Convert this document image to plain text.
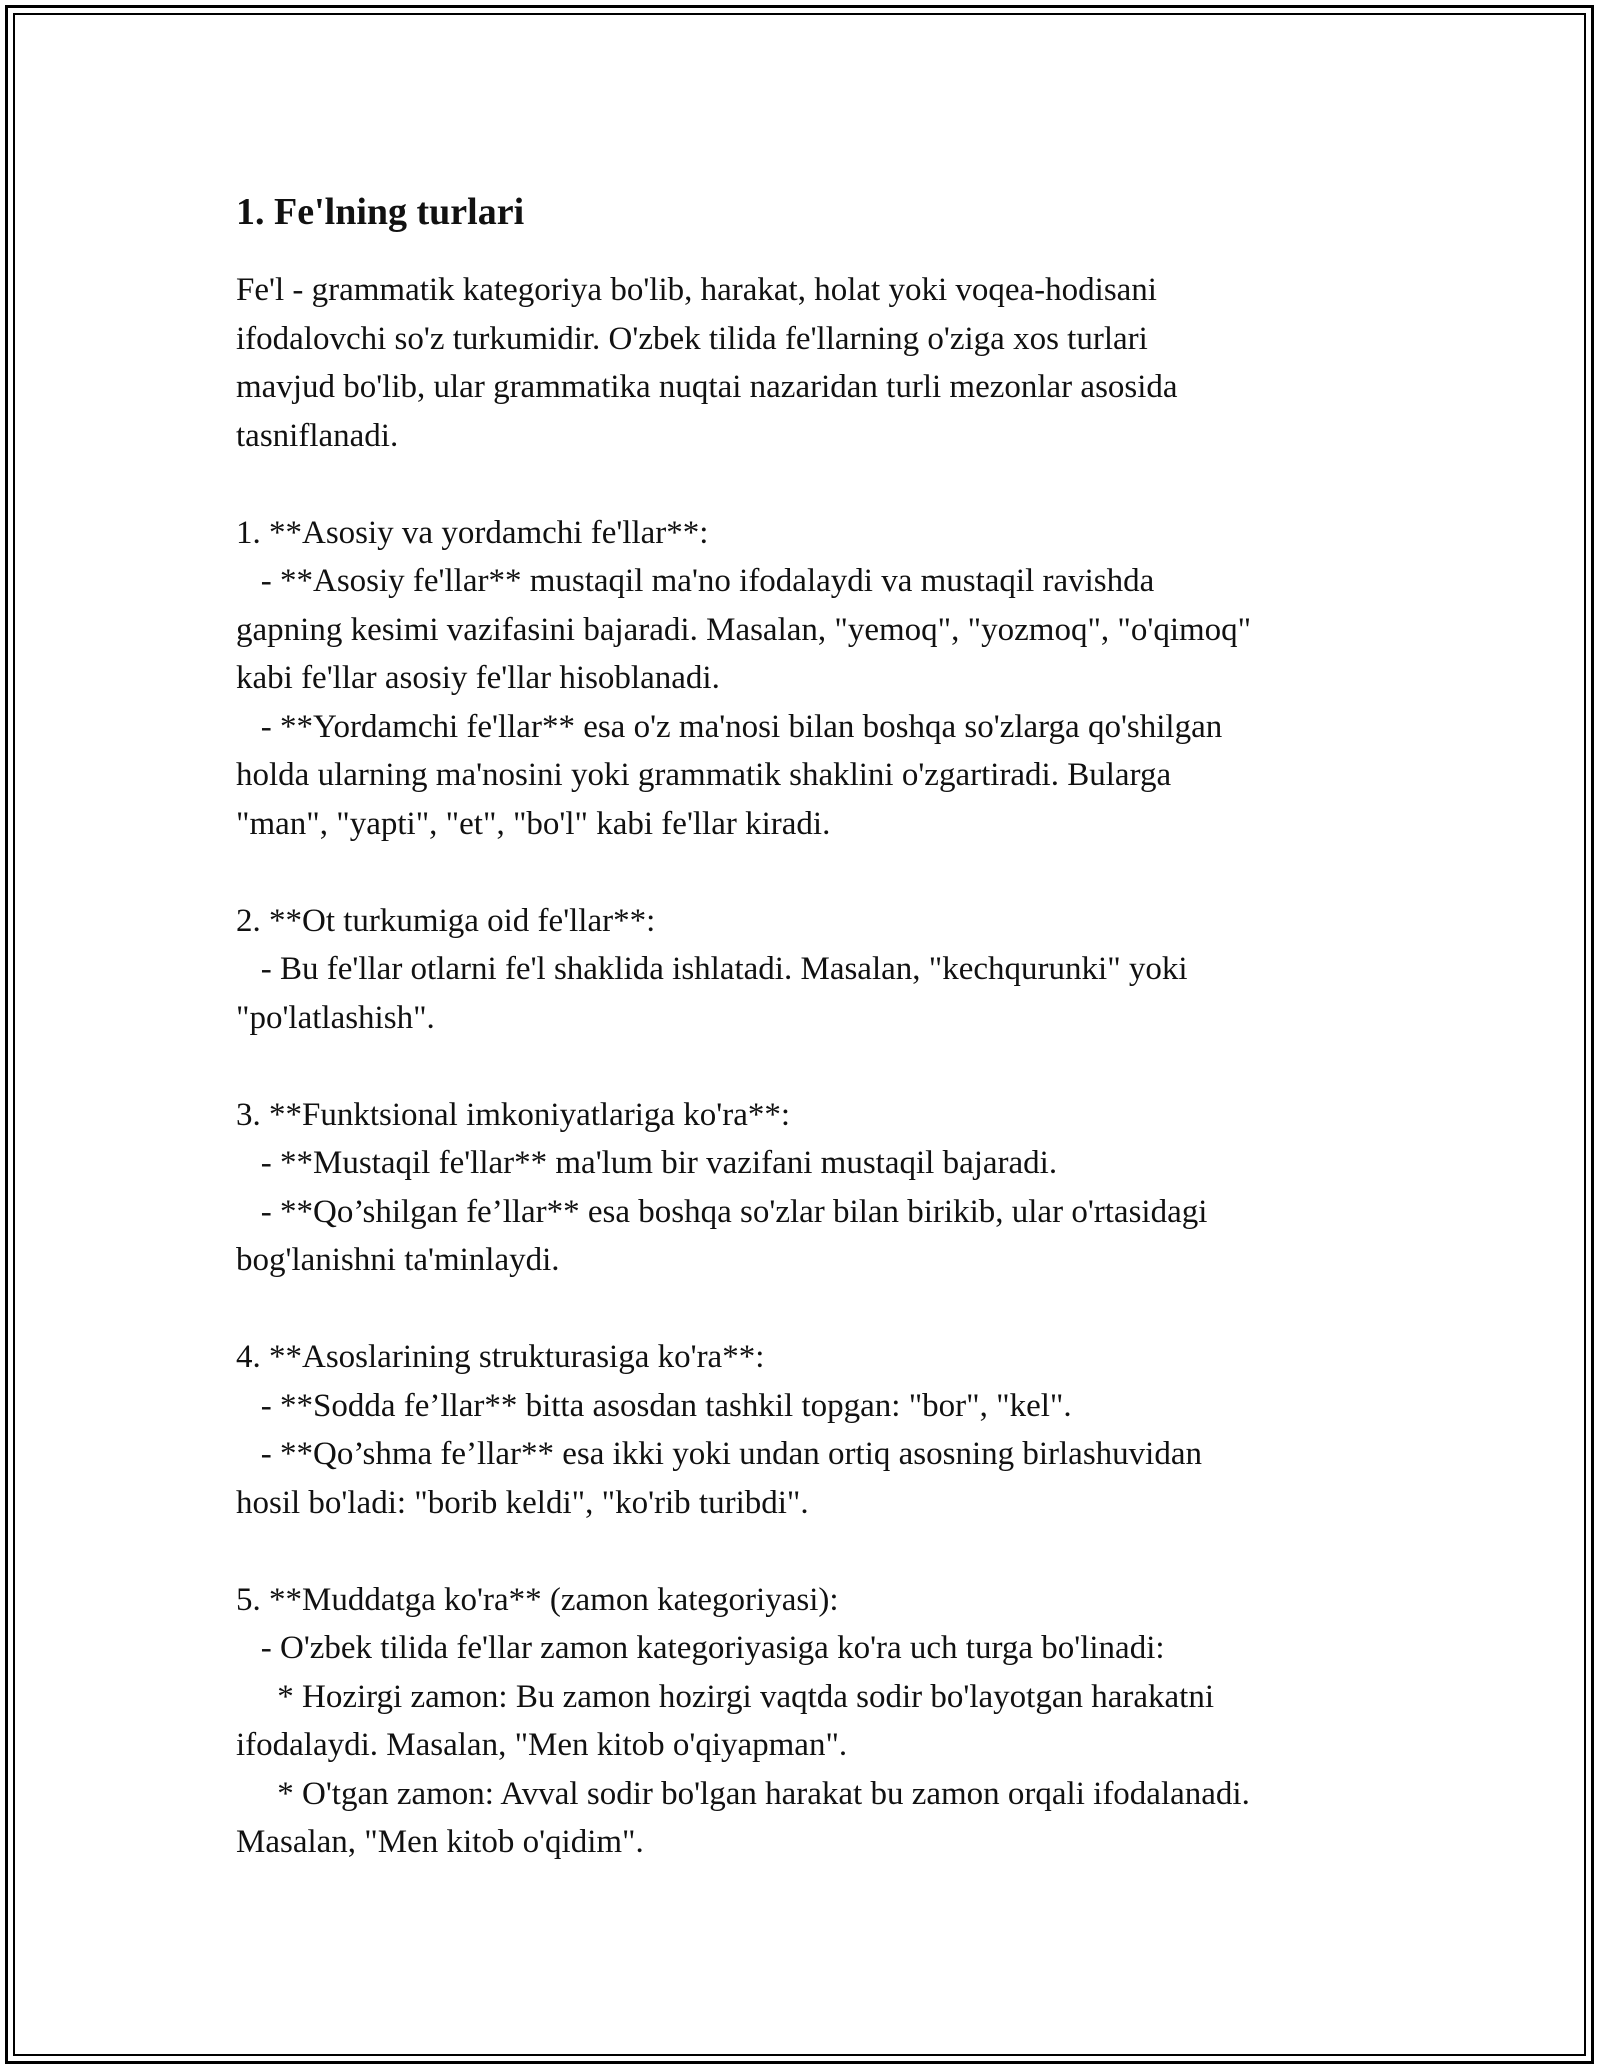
1. Fe'lning turlari

Fe'l - grammatik kategoriya bo'lib, harakat, holat yoki voqea-hodisani
ifodalovchi so'z turkumidir. O'zbek tilida fe'llarning o'ziga xos turlari
mavjud bo'lib, ular grammatika nuqtai nazaridan turli mezonlar asosida
tasniflanadi.

1. **Asosiy va yordamchi fe'llar**:
- **Asosiy fe'llar** mustaqil ma'no ifodalaydi va mustaqil ravishda
gapning kesimi vazifasini bajaradi. Masalan, "yemoq", "yozmoq", "o'qimoq"
kabi fe'llar asosiy fe'llar hisoblanadi.
- **Yordamchi fe'llar** esa o'z ma'nosi bilan boshqa so'zlarga qo'shilgan
holda ularning ma'nosini yoki grammatik shaklini o'zgartiradi. Bularga
"man", "yapti", "et", "bo'l" kabi fe'llar kiradi.

2. **Ot turkumiga oid fe'llar**:
- Bu fe'llar otlarni fe'l shaklida ishlatadi. Masalan, "kechqurunki" yoki
"po'latlashish".

3. **Funktsional imkoniyatlariga ko'ra**:
- **Mustaqil fe'llar** ma'lum bir vazifani mustaqil bajaradi.
- **Qo’shilgan fe’llar** esa boshqa so'zlar bilan birikib, ular o'rtasidagi
bog'lanishni ta'minlaydi.

4. **Asoslarining strukturasiga ko'ra**:
- **Sodda fe’llar** bitta asosdan tashkil topgan: "bor", "kel".
- **Qo’shma fe’llar** esa ikki yoki undan ortiq asosning birlashuvidan
hosil bo'ladi: "borib keldi", "ko'rib turibdi".

5. **Muddatga ko'ra** (zamon kategoriyasi):
- O'zbek tilida fe'llar zamon kategoriyasiga ko'ra uch turga bo'linadi:
* Hozirgi zamon: Bu zamon hozirgi vaqtda sodir bo'layotgan harakatni
ifodalaydi. Masalan, "Men kitob o'qiyapman".
* O'tgan zamon: Avval sodir bo'lgan harakat bu zamon orqali ifodalanadi.
Masalan, "Men kitob o'qidim".
